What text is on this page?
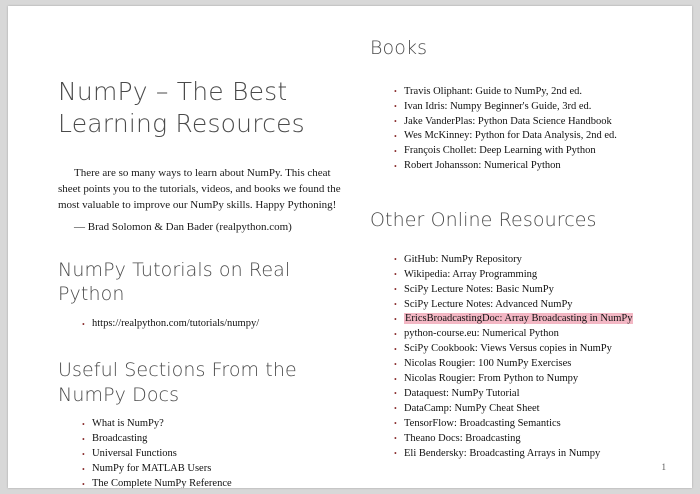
NumPy – The Best Learning Resources

There are so many ways to learn about NumPy. This cheat sheet points you to the tutorials, videos, and books we found the most valuable to improve our NumPy skills. Happy Pythoning!

— Brad Solomon & Dan Bader (realpython.com)

NumPy Tutorials on Real Python
• https://realpython.com/tutorials/numpy/
Useful Sections From the NumPy Docs
• What is NumPy?
• Broadcasting
• Universal Functions
• NumPy for MATLAB Users
• The Complete NumPy Reference
Books
• Travis Oliphant: Guide to NumPy, 2nd ed.
• Ivan Idris: Numpy Beginner's Guide, 3rd ed.
• Jake VanderPlas: Python Data Science Handbook
• Wes McKinney: Python for Data Analysis, 2nd ed.
• François Chollet: Deep Learning with Python
• Robert Johansson: Numerical Python
Other Online Resources
• GitHub: NumPy Repository
• Wikipedia: Array Programming
• SciPy Lecture Notes: Basic NumPy
• SciPy Lecture Notes: Advanced NumPy
• EricsBroadcastingDoc: Array Broadcasting in NumPy
• python-course.eu: Numerical Python
• SciPy Cookbook: Views Versus copies in NumPy
• Nicolas Rougier: 100 NumPy Exercises
• Nicolas Rougier: From Python to Numpy
• Dataquest: NumPy Tutorial
• DataCamp: NumPy Cheat Sheet
• TensorFlow: Broadcasting Semantics
• Theano Docs: Broadcasting
• Eli Bendersky: Broadcasting Arrays in Numpy
1
